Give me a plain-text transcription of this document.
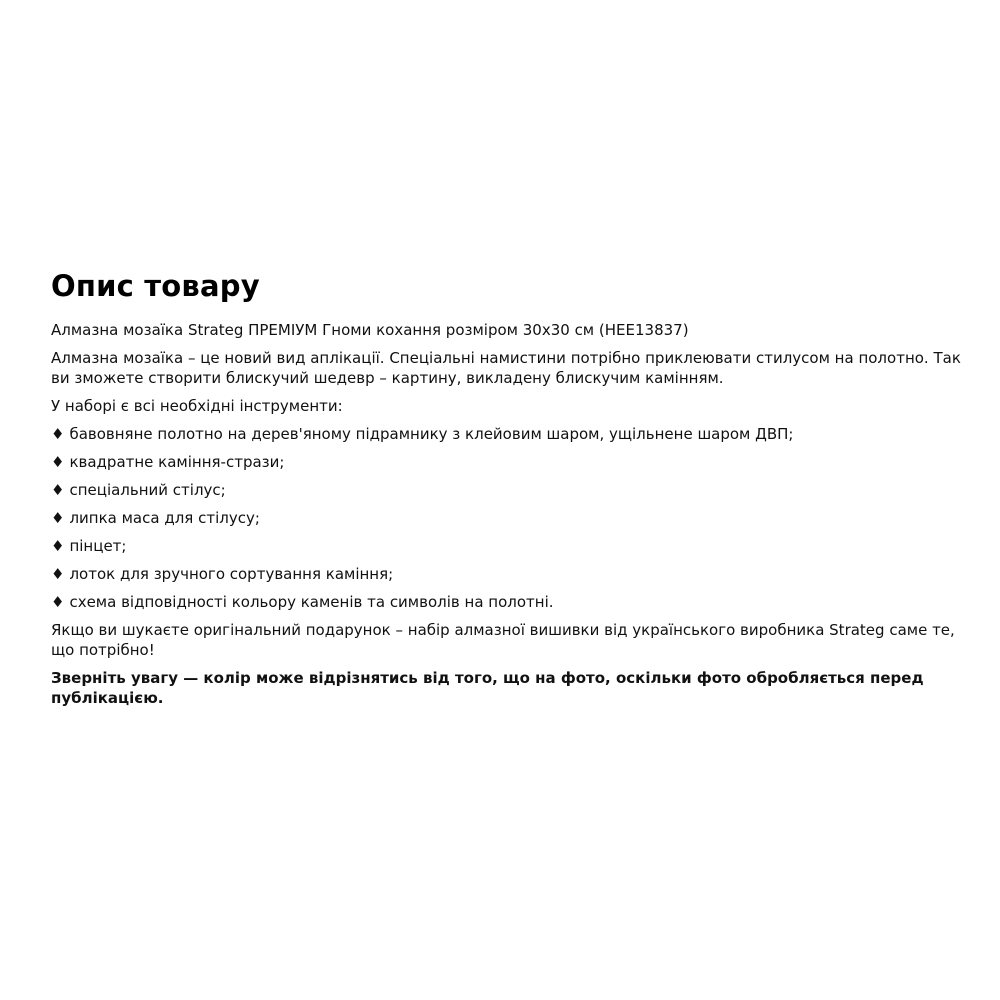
Опис товару

Алмазна мозаїка Strateg ПРЕМІУМ Гноми кохання розміром 30х30 см (HEE13837)

Алмазна мозаїка – це новий вид аплікації. Спеціальні намистини потрібно приклеювати стилусом на полотно. Так ви зможете створити блискучий шедевр – картину, викладену блискучим камінням.

У наборі є всі необхідні інструменти:

♦ бавовняне полотно на дерев'яному підрамнику з клейовим шаром, ущільнене шаром ДВП;
♦ квадратне каміння-стрази;
♦ спеціальний стілус;
♦ липка маса для стілусу;
♦ пінцет;
♦ лоток для зручного сортування каміння;
♦ схема відповідності кольору каменів та символів на полотні.

Якщо ви шукаєте оригінальний подарунок – набір алмазної вишивки від українського виробника Strateg саме те, що потрібно!

Зверніть увагу — колір може відрізнятись від того, що на фото, оскільки фото обробляється перед публікацією.
